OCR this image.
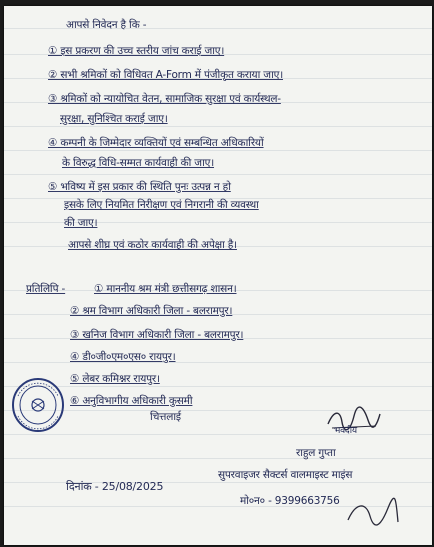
आपसे निवेदन है कि -
① इस प्रकरण की उच्च स्तरीय जांच कराई जाए।
② सभी श्रमिकों को विधिवत A-Form में पंजीकृत कराया जाए।
③ श्रमिकों को न्यायोचित वेतन, सामाजिक सुरक्षा एवं कार्यस्थल-
सुरक्षा, सुनिश्चित कराई जाए।
④ कम्पनी के जिम्मेदार व्यक्तियों एवं सम्बन्धित अधिकारियों
के विरुद्ध विधि-सम्मत कार्यवाही की जाए।
⑤ भविष्य में इस प्रकार की स्थिति पुनः उत्पन्न न हो
इसके लिए नियमित निरीक्षण एवं निगरानी की व्यवस्था
की जाए।
आपसे शीघ्र एवं कठोर कार्यवाही की अपेक्षा है।
प्रतिलिपि -	① माननीय श्रम मंत्री छत्तीसगढ़ शासन।
② श्रम विभाग अधिकारी जिला - बलरामपुर।
③ खनिज विभाग अधिकारी जिला - बलरामपुर।
④ डी०जी०एम०एस० रायपुर।
⑤ लेबर कमिश्नर रायपुर।
⑥ अनुविभागीय अधिकारी कुसमी
चित्तलाई
भवदीय
राहुल गुप्ता
सुपरवाइजर सैक्टर्स वालमाइस्ट माइंस
दिनांक - 25/08/2025
मो०न० - 9399663756
